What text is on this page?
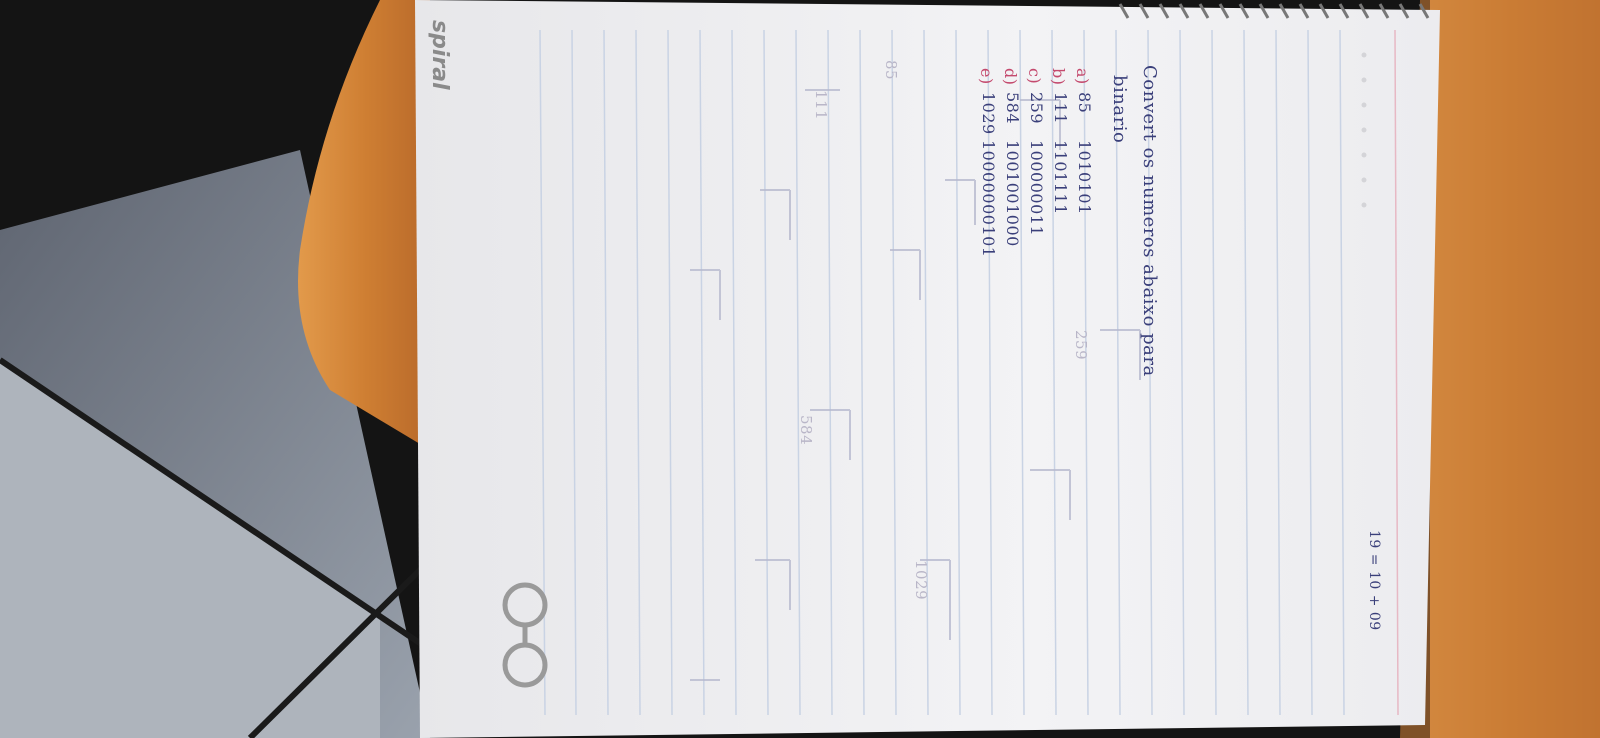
spiral
Convert os numeros abaixo para
binario
a)
b)
c)
d)
e)
85
111
259
584
1029
1010101
1101111
100000011
1001001000
10000000101
19 = 10 + 09
85
111
259
584
1029
